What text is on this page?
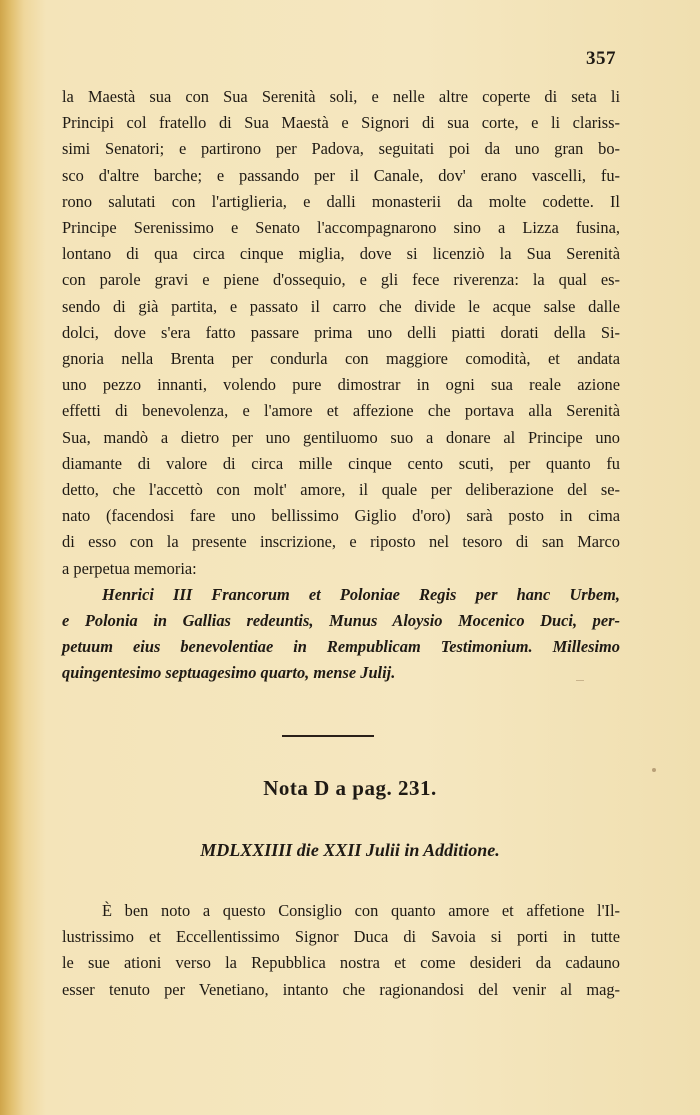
357
la Maestà sua con Sua Serenità soli, e nelle altre coperte di seta li
Principi col fratello di Sua Maestà e Signori di sua corte, e li clariss-
simi Senatori; e partirono per Padova, seguitati poi da uno gran bo-
sco d'altre barche; e passando per il Canale, dov' erano vascelli, fu-
rono salutati con l'artiglieria, e dalli monasterii da molte codette. Il
Principe Serenissimo e Senato l'accompagnarono sino a Lizza fusina,
lontano di qua circa cinque miglia, dove si licenziò la Sua Serenità
con parole gravi e piene d'ossequio, e gli fece riverenza: la qual es-
sendo di già partita, e passato il carro che divide le acque salse dalle
dolci, dove s'era fatto passare prima uno delli piatti dorati della Si-
gnoria nella Brenta per condurla con maggiore comodità, et andata
uno pezzo innanti, volendo pure dimostrar in ogni sua reale azione
effetti di benevolenza, e l'amore et affezione che portava alla Serenità
Sua, mandò a dietro per uno gentiluomo suo a donare al Principe uno
diamante di valore di circa mille cinque cento scuti, per quanto fu
detto, che l'accettò con molt' amore, il quale per deliberazione del se-
nato (facendosi fare uno bellissimo Giglio d'oro) sarà posto in cima
di esso con la presente inscrizione, e riposto nel tesoro di san Marco
a perpetua memoria:
Henrici III Francorum et Poloniae Regis per hanc Urbem,
e Polonia in Gallias redeuntis, Munus Aloysio Mocenico Duci, per-
petuum eius benevolentiae in Rempublicam Testimonium. Millesimo
quingentesimo septuagesimo quarto, mense Julij.
Nota D a pag. 231.
MDLXXIIII die XXII Julii in Additione.
È ben noto a questo Consiglio con quanto amore et affetione l'Il-
lustrissimo et Eccellentissimo Signor Duca di Savoia si porti in tutte
le sue ationi verso la Repubblica nostra et come desideri da cadauno
esser tenuto per Venetiano, intanto che ragionandosi del venir al mag-
